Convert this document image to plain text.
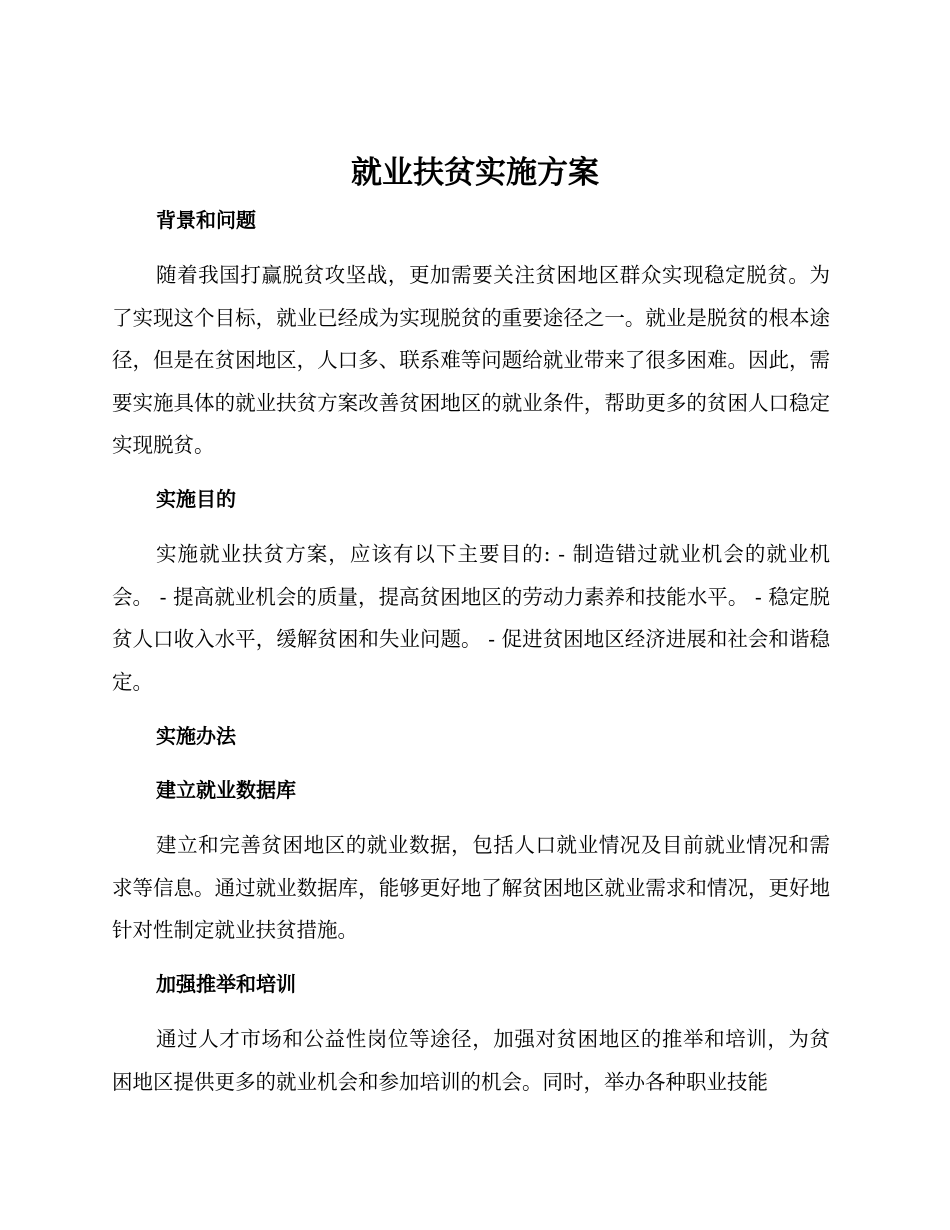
就业扶贫实施方案
背景和问题

随着我国打赢脱贫攻坚战，更加需要关注贫困地区群众实现稳定脱贫。为了实现这个目标，就业已经成为实现脱贫的重要途径之一。就业是脱贫的根本途径，但是在贫困地区，人口多、联系难等问题给就业带来了很多困难。因此，需要实施具体的就业扶贫方案改善贫困地区的就业条件，帮助更多的贫困人口稳定实现脱贫。

实施目的

实施就业扶贫方案，应该有以下主要目的: - 制造错过就业机会的就业机会。 - 提高就业机会的质量，提高贫困地区的劳动力素养和技能水平。 - 稳定脱贫人口收入水平，缓解贫困和失业问题。 - 促进贫困地区经济进展和社会和谐稳定。

实施办法
建立就业数据库

建立和完善贫困地区的就业数据，包括人口就业情况及目前就业情况和需求等信息。通过就业数据库，能够更好地了解贫困地区就业需求和情况，更好地针对性制定就业扶贫措施。

加强推举和培训

通过人才市场和公益性岗位等途径，加强对贫困地区的推举和培训，为贫困地区提供更多的就业机会和参加培训的机会。同时，举办各种职业技能
